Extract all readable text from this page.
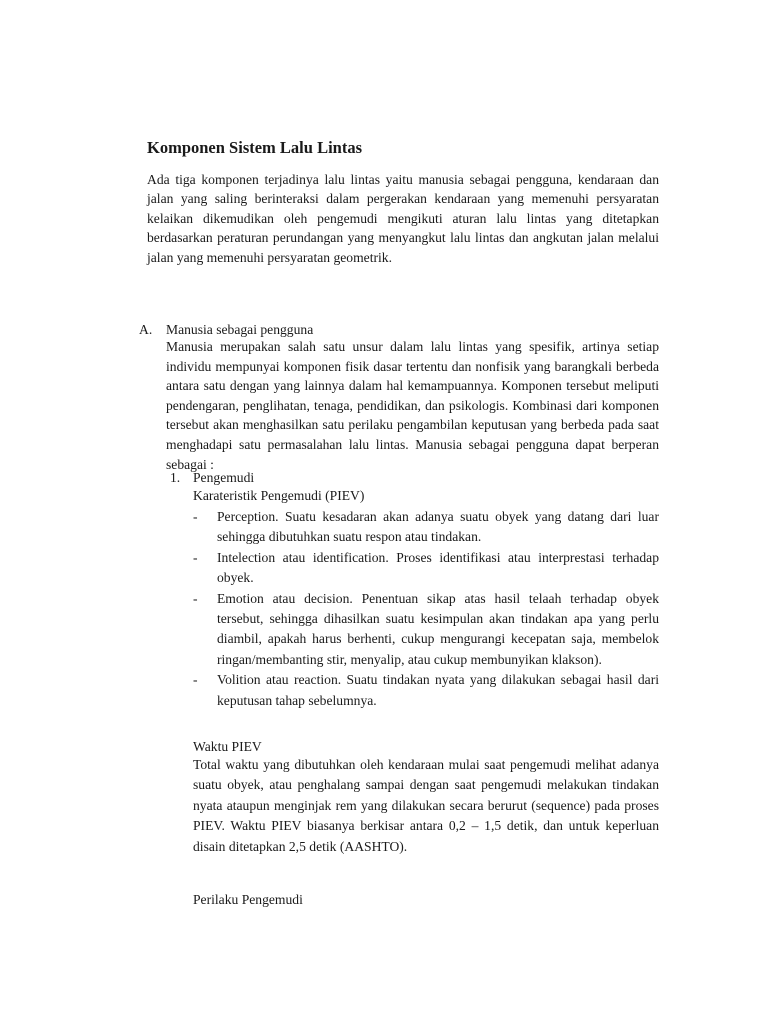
Komponen Sistem Lalu Lintas

Ada tiga komponen terjadinya lalu lintas yaitu manusia sebagai pengguna, kendaraan dan jalan yang saling berinteraksi dalam pergerakan kendaraan yang memenuhi persyaratan kelaikan dikemudikan oleh pengemudi mengikuti aturan lalu lintas yang ditetapkan berdasarkan peraturan perundangan yang menyangkut lalu lintas dan angkutan jalan melalui jalan yang memenuhi persyaratan geometrik.

A. Manusia sebagai pengguna

Manusia merupakan salah satu unsur dalam lalu lintas yang spesifik, artinya setiap individu mempunyai komponen fisik dasar tertentu dan nonfisik yang barangkali berbeda antara satu dengan yang lainnya dalam hal kemampuannya. Komponen tersebut meliputi pendengaran, penglihatan, tenaga, pendidikan, dan psikologis. Kombinasi dari komponen tersebut akan menghasilkan satu perilaku pengambilan keputusan yang berbeda pada saat menghadapi satu permasalahan lalu lintas. Manusia sebagai pengguna dapat berperan sebagai :

1. Pengemudi

Karateristik Pengemudi (PIEV)

- Perception. Suatu kesadaran akan adanya suatu obyek yang datang dari luar sehingga dibutuhkan suatu respon atau tindakan.
- Intelection atau identification. Proses identifikasi atau interprestasi terhadap obyek.
- Emotion atau decision. Penentuan sikap atas hasil telaah terhadap obyek tersebut, sehingga dihasilkan suatu kesimpulan akan tindakan apa yang perlu diambil, apakah harus berhenti, cukup mengurangi kecepatan saja, membelok ringan/membanting stir, menyalip, atau cukup membunyikan klakson).
- Volition atau reaction. Suatu tindakan nyata yang dilakukan sebagai hasil dari keputusan tahap sebelumnya.

Waktu PIEV

Total waktu yang dibutuhkan oleh kendaraan mulai saat pengemudi melihat adanya suatu obyek, atau penghalang sampai dengan saat pengemudi melakukan tindakan nyata ataupun menginjak rem yang dilakukan secara berurut (sequence) pada proses PIEV. Waktu PIEV biasanya berkisar antara 0,2 – 1,5 detik, dan untuk keperluan disain ditetapkan 2,5 detik (AASHTO).

Perilaku Pengemudi
